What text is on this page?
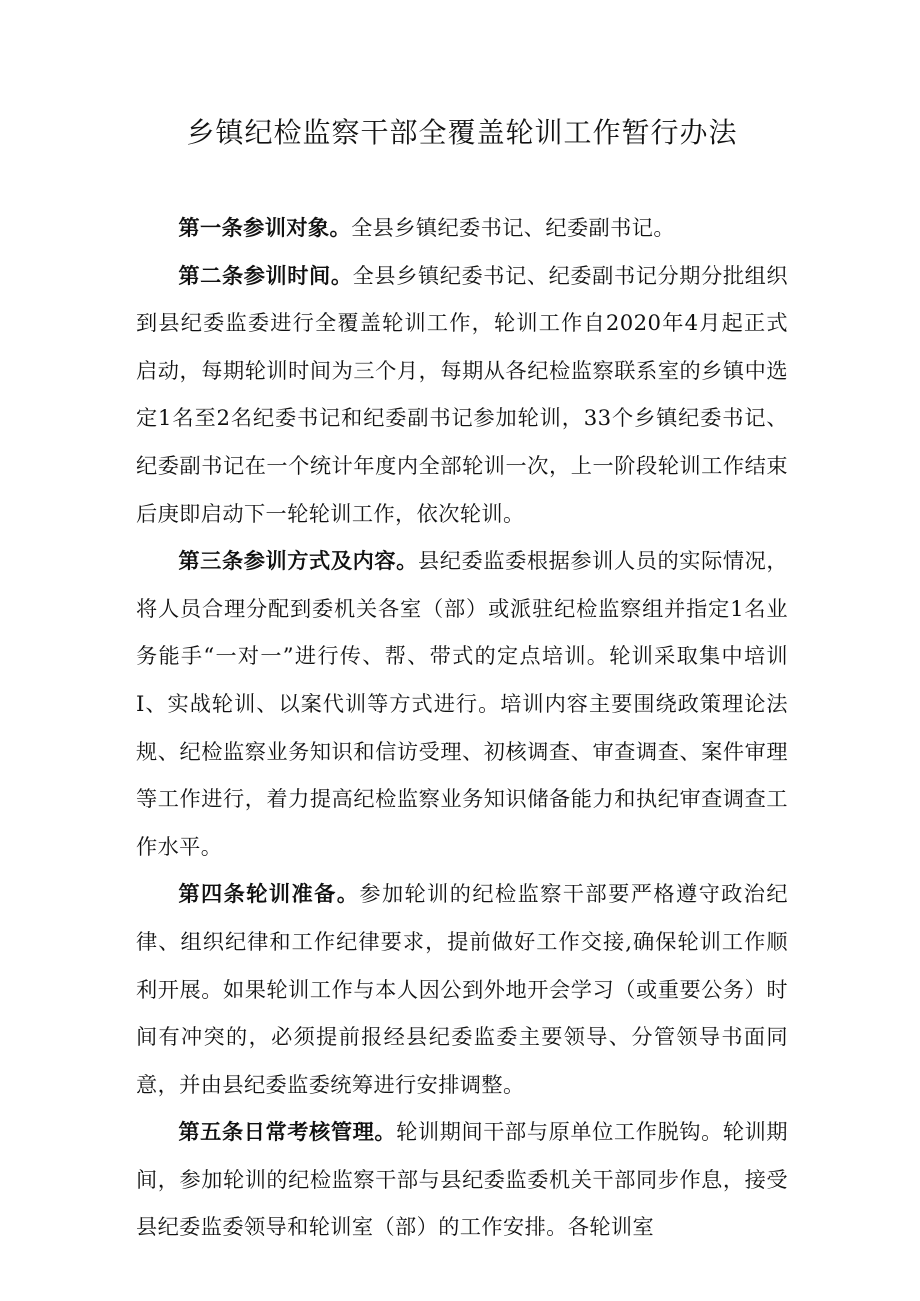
乡镇纪检监察干部全覆盖轮训工作暂行办法

第一条参训对象。全县乡镇纪委书记、纪委副书记。

第二条参训时间。全县乡镇纪委书记、纪委副书记分期分批组织到县纪委监委进行全覆盖轮训工作，轮训工作自2020年4月起正式启动，每期轮训时间为三个月，每期从各纪检监察联系室的乡镇中选定1名至2名纪委书记和纪委副书记参加轮训，33个乡镇纪委书记、纪委副书记在一个统计年度内全部轮训一次，上一阶段轮训工作结束后庚即启动下一轮轮训工作，依次轮训。

第三条参训方式及内容。县纪委监委根据参训人员的实际情况，将人员合理分配到委机关各室（部）或派驻纪检监察组并指定1名业务能手“一对一”进行传、帮、带式的定点培训。轮训采取集中培训I、实战轮训、以案代训等方式进行。培训内容主要围绕政策理论法规、纪检监察业务知识和信访受理、初核调查、审查调查、案件审理等工作进行，着力提高纪检监察业务知识储备能力和执纪审查调查工作水平。

第四条轮训准备。参加轮训的纪检监察干部要严格遵守政治纪律、组织纪律和工作纪律要求，提前做好工作交接,确保轮训工作顺利开展。如果轮训工作与本人因公到外地开会学习（或重要公务）时间有冲突的，必须提前报经县纪委监委主要领导、分管领导书面同意，并由县纪委监委统筹进行安排调整。

第五条日常考核管理。轮训期间干部与原单位工作脱钩。轮训期间，参加轮训的纪检监察干部与县纪委监委机关干部同步作息，接受县纪委监委领导和轮训室（部）的工作安排。各轮训室
